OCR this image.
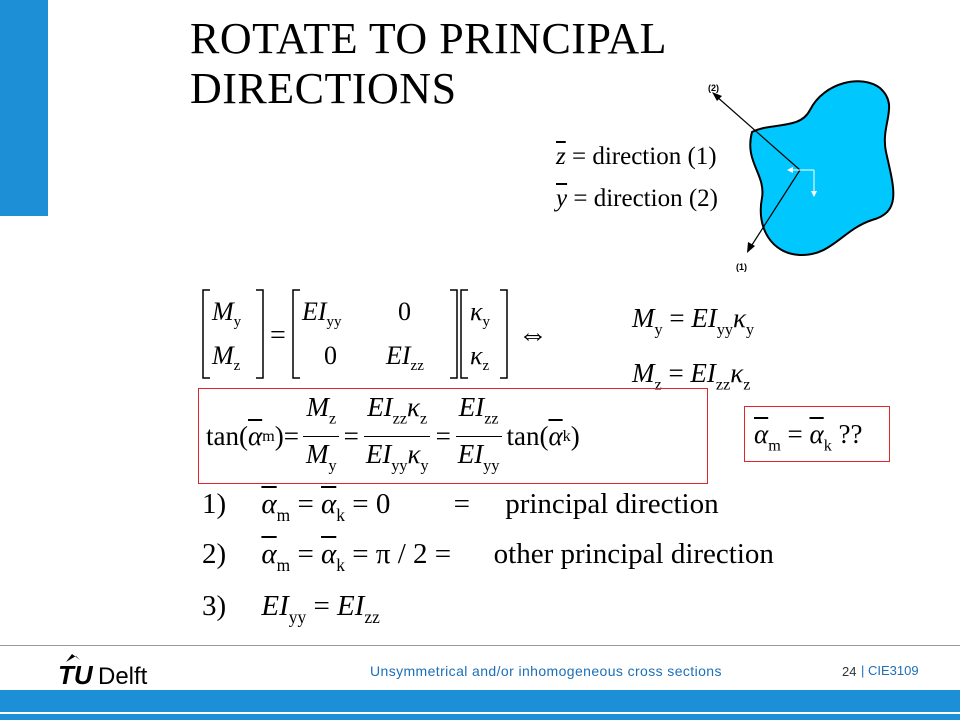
ROTATE TO PRINCIPAL
DIRECTIONS
$\overline{z}$ = direction (1)
$\overline{y}$ = direction (2)
(2)
(1)
$M_y$
$M_z$
=
$EI_{yy}$ 0
0 $EI_{zz}$
$\kappa_y$
$\kappa_z$
⇔	$M_y = EI_{yy}\kappa_y$
$M_z = EI_{zz}\kappa_z$
tan( $\overline{\alpha}$ m ) = $\frac{M_z}{M_y} = \frac{EI_{zz}\kappa_z}{EI_{yy}\kappa_y} = \frac{EI_{zz}}{EI_{yy}} \tan$( $\overline{\alpha}$ k )	$\overline{\alpha}_m = \overline{\alpha}_k$ ??
1) $\overline{\alpha}_m = \overline{\alpha}_k = 0$ = principal direction
2) $\overline{\alpha}_m = \overline{\alpha}_k = \pi / 2$ = other principal direction
3) $EI_{yy} = EI_{zz}$
TU Delft	Unsymmetrical and/or inhomogeneous cross sections	24 | CIE3109
